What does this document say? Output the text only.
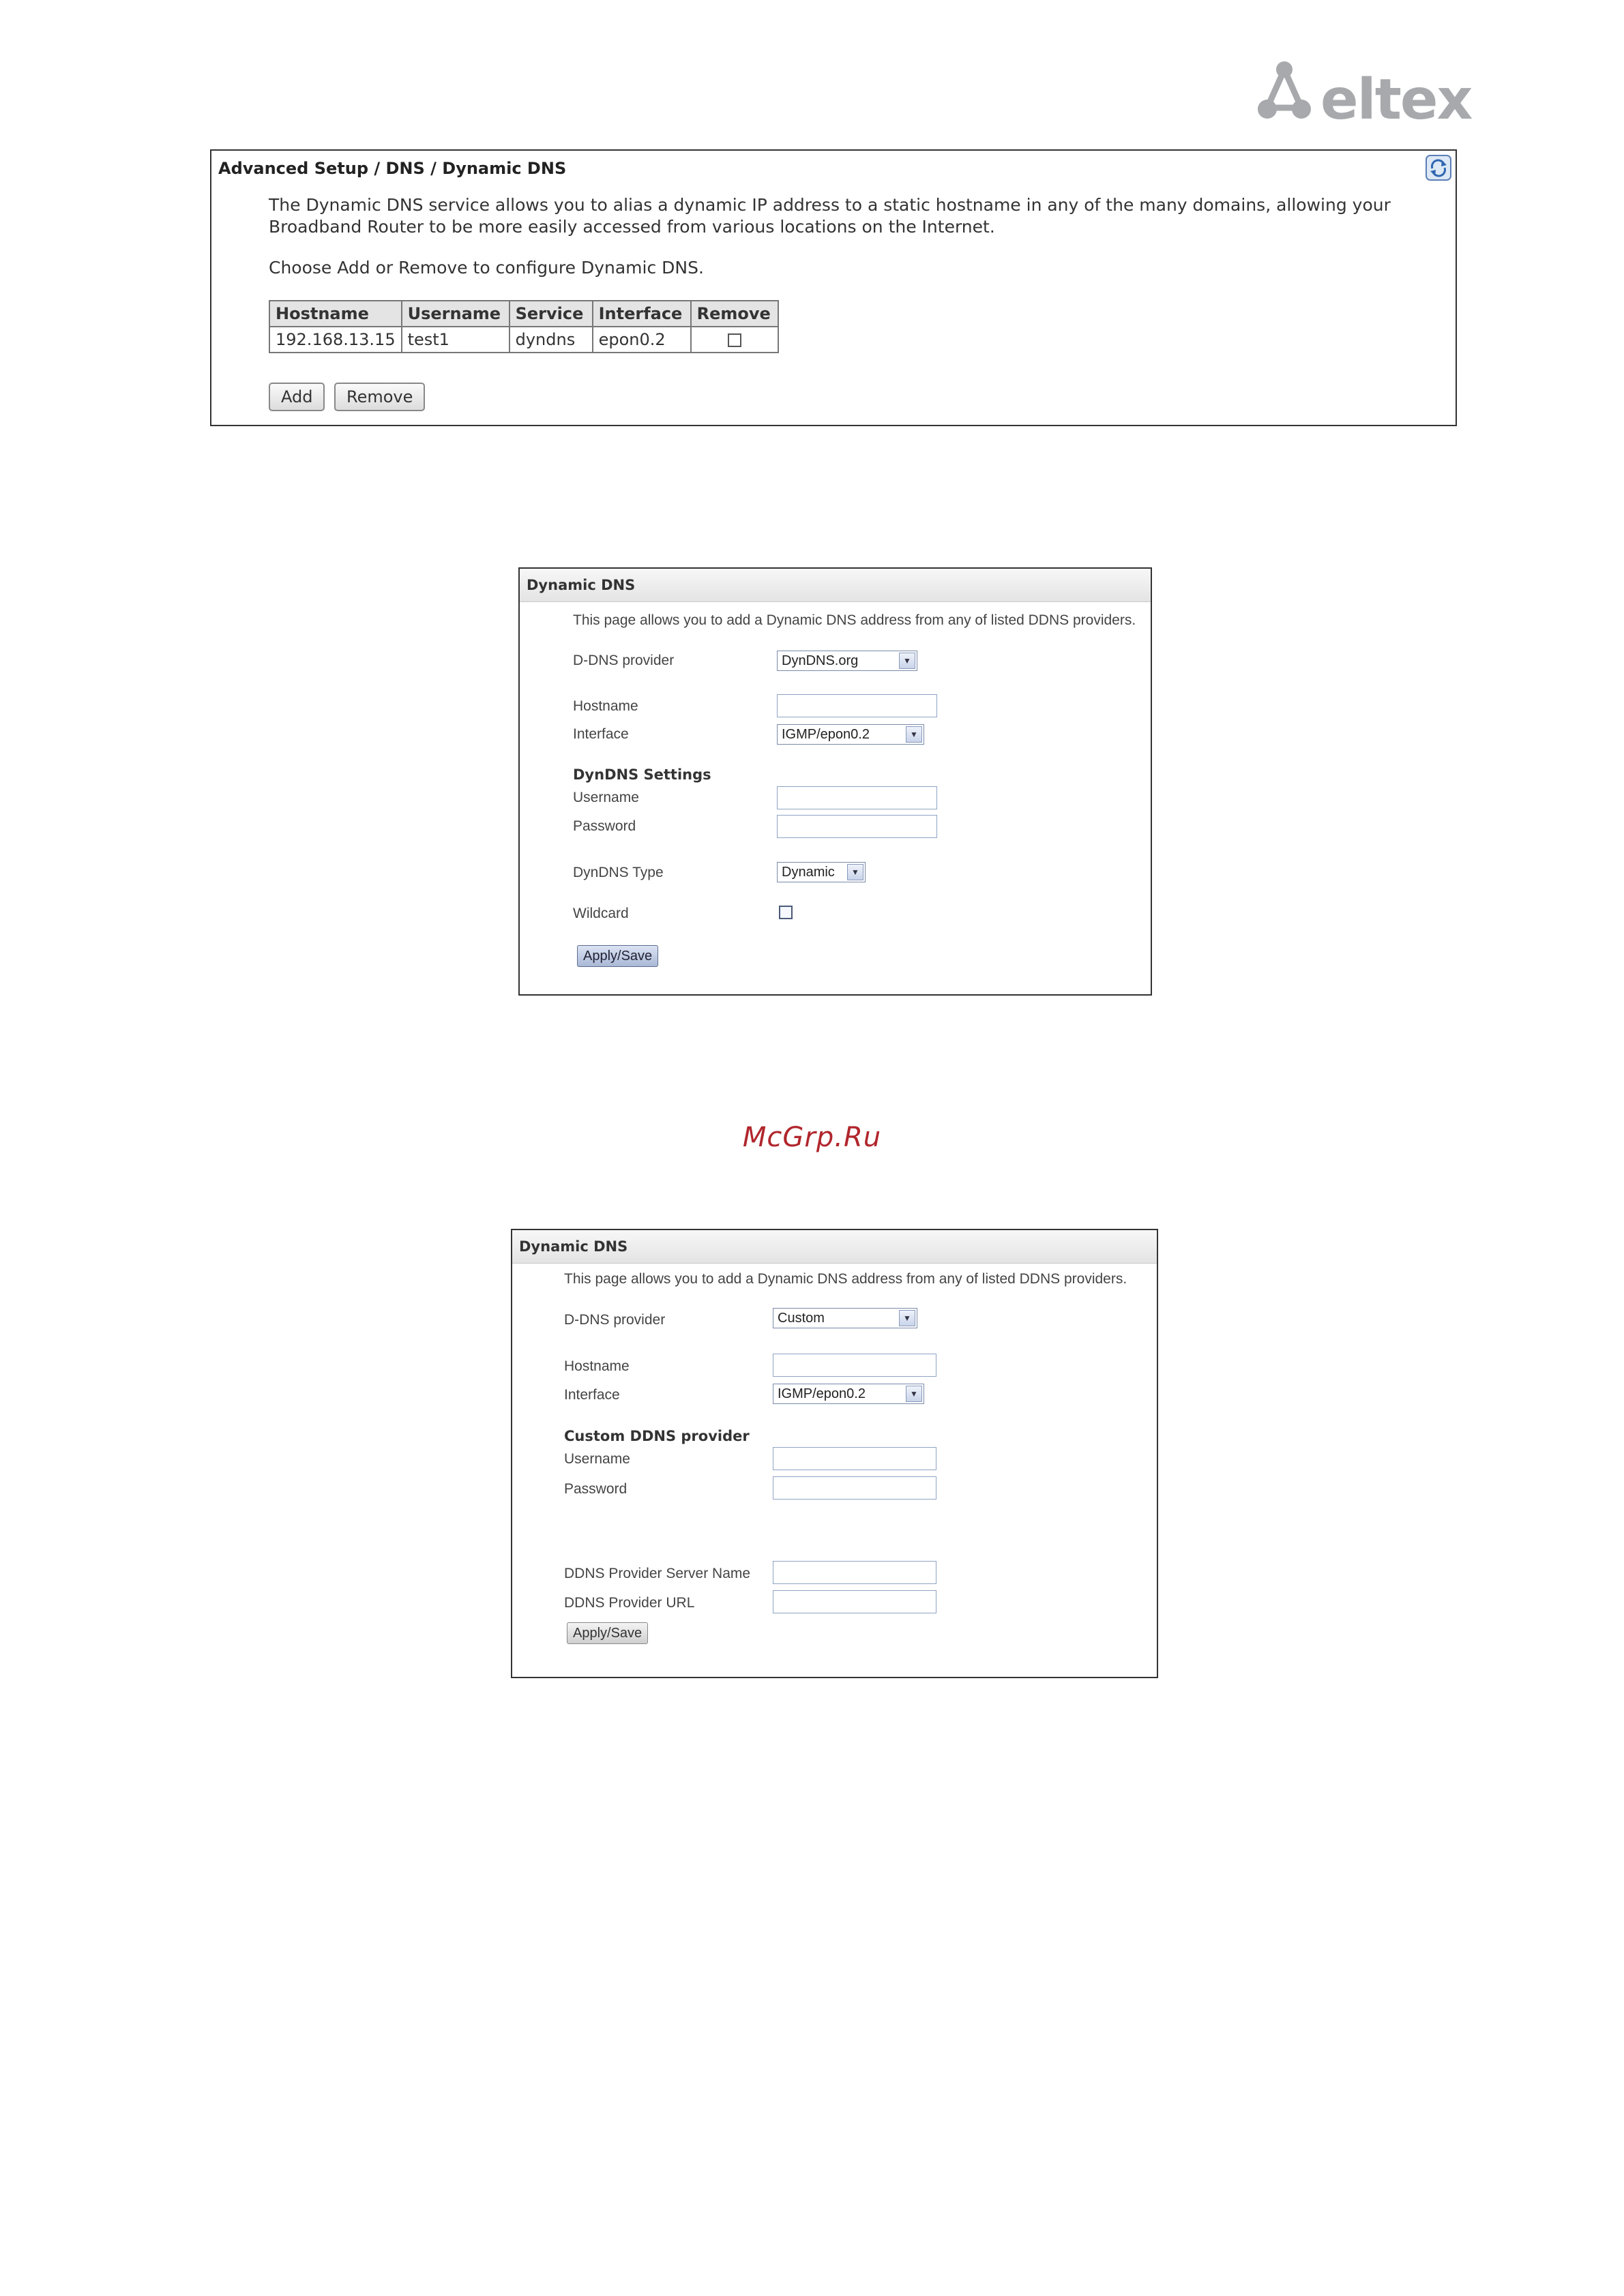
eltex
Advanced Setup / DNS / Dynamic DNS
The Dynamic DNS service allows you to alias a dynamic IP address to a static hostname in any of the many domains, allowing your Broadband Router to be more easily accessed from various locations on the Internet.
Choose Add or Remove to configure Dynamic DNS.
Hostname	Username	Service	Interface	Remove
192.168.13.15	test1	dyndns	epon0.2	
Add	Remove
Dynamic DNS
This page allows you to add a Dynamic DNS address from any of listed DDNS providers.
D-DNS provider	DynDNS.org	▼
Hostname
Interface	IGMP/epon0.2	▼
DynDNS Settings
Username
Password
DynDNS Type	Dynamic	▼
Wildcard
Apply/Save
McGrp.Ru
Dynamic DNS
This page allows you to add a Dynamic DNS address from any of listed DDNS providers.
D-DNS provider	Custom	▼
Hostname
Interface	IGMP/epon0.2	▼
Custom DDNS provider
Username
Password
DDNS Provider Server Name
DDNS Provider URL
Apply/Save
